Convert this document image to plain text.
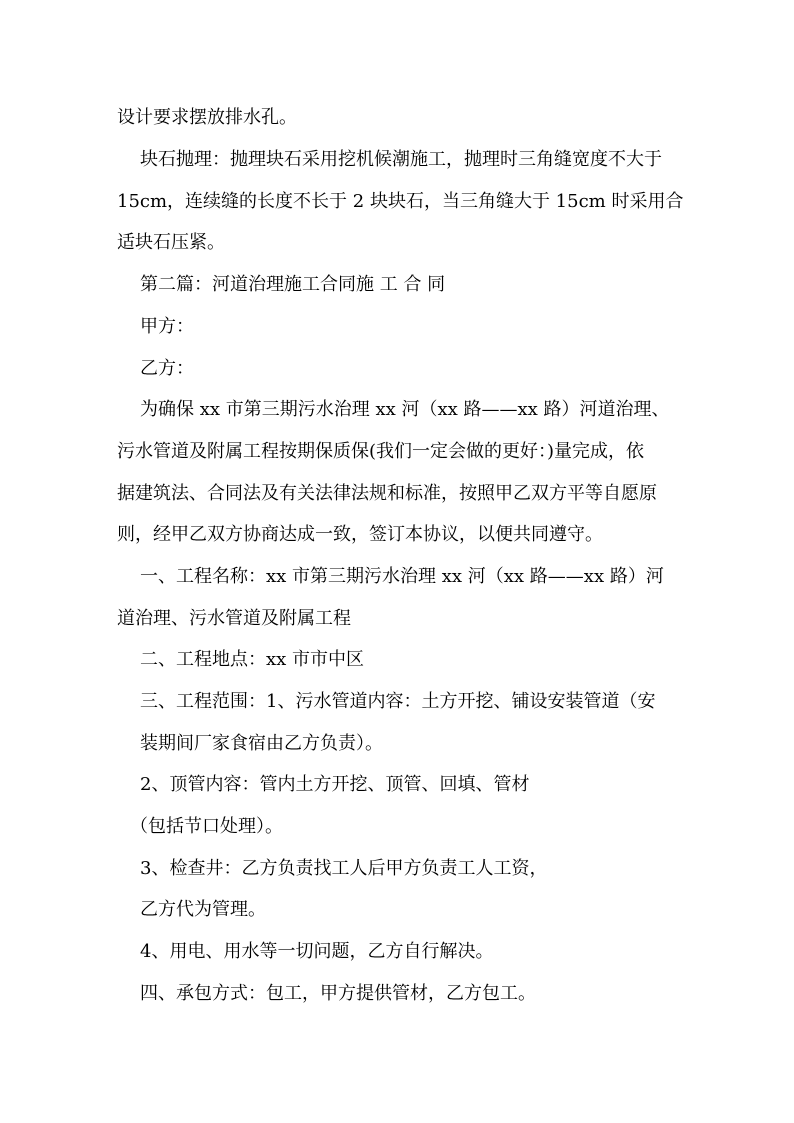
设计要求摆放排水孔。
块石抛理：抛理块石采用挖机候潮施工，抛理时三角缝宽度不大于
15cm，连续缝的长度不长于 2 块块石，当三角缝大于 15cm 时采用合
适块石压紧。
第二篇：河道治理施工合同施 工 合 同
甲方：
乙方：
为确保 xx 市第三期污水治理 xx 河（xx 路——xx 路）河道治理、
污水管道及附属工程按期保质保(我们一定会做的更好：)量完成，依
据建筑法、合同法及有关法律法规和标准，按照甲乙双方平等自愿原
则，经甲乙双方协商达成一致，签订本协议，以便共同遵守。
一、工程名称：xx 市第三期污水治理 xx 河（xx 路——xx 路）河
道治理、污水管道及附属工程
二、工程地点：xx 市市中区
三、工程范围：1、污水管道内容：土方开挖、铺设安装管道（安
装期间厂家食宿由乙方负责）。
2、顶管内容：管内土方开挖、顶管、回填、管材
（包括节口处理）。
3、检查井：乙方负责找工人后甲方负责工人工资，
乙方代为管理。
4、用电、用水等一切问题，乙方自行解决。
四、承包方式：包工，甲方提供管材，乙方包工。
